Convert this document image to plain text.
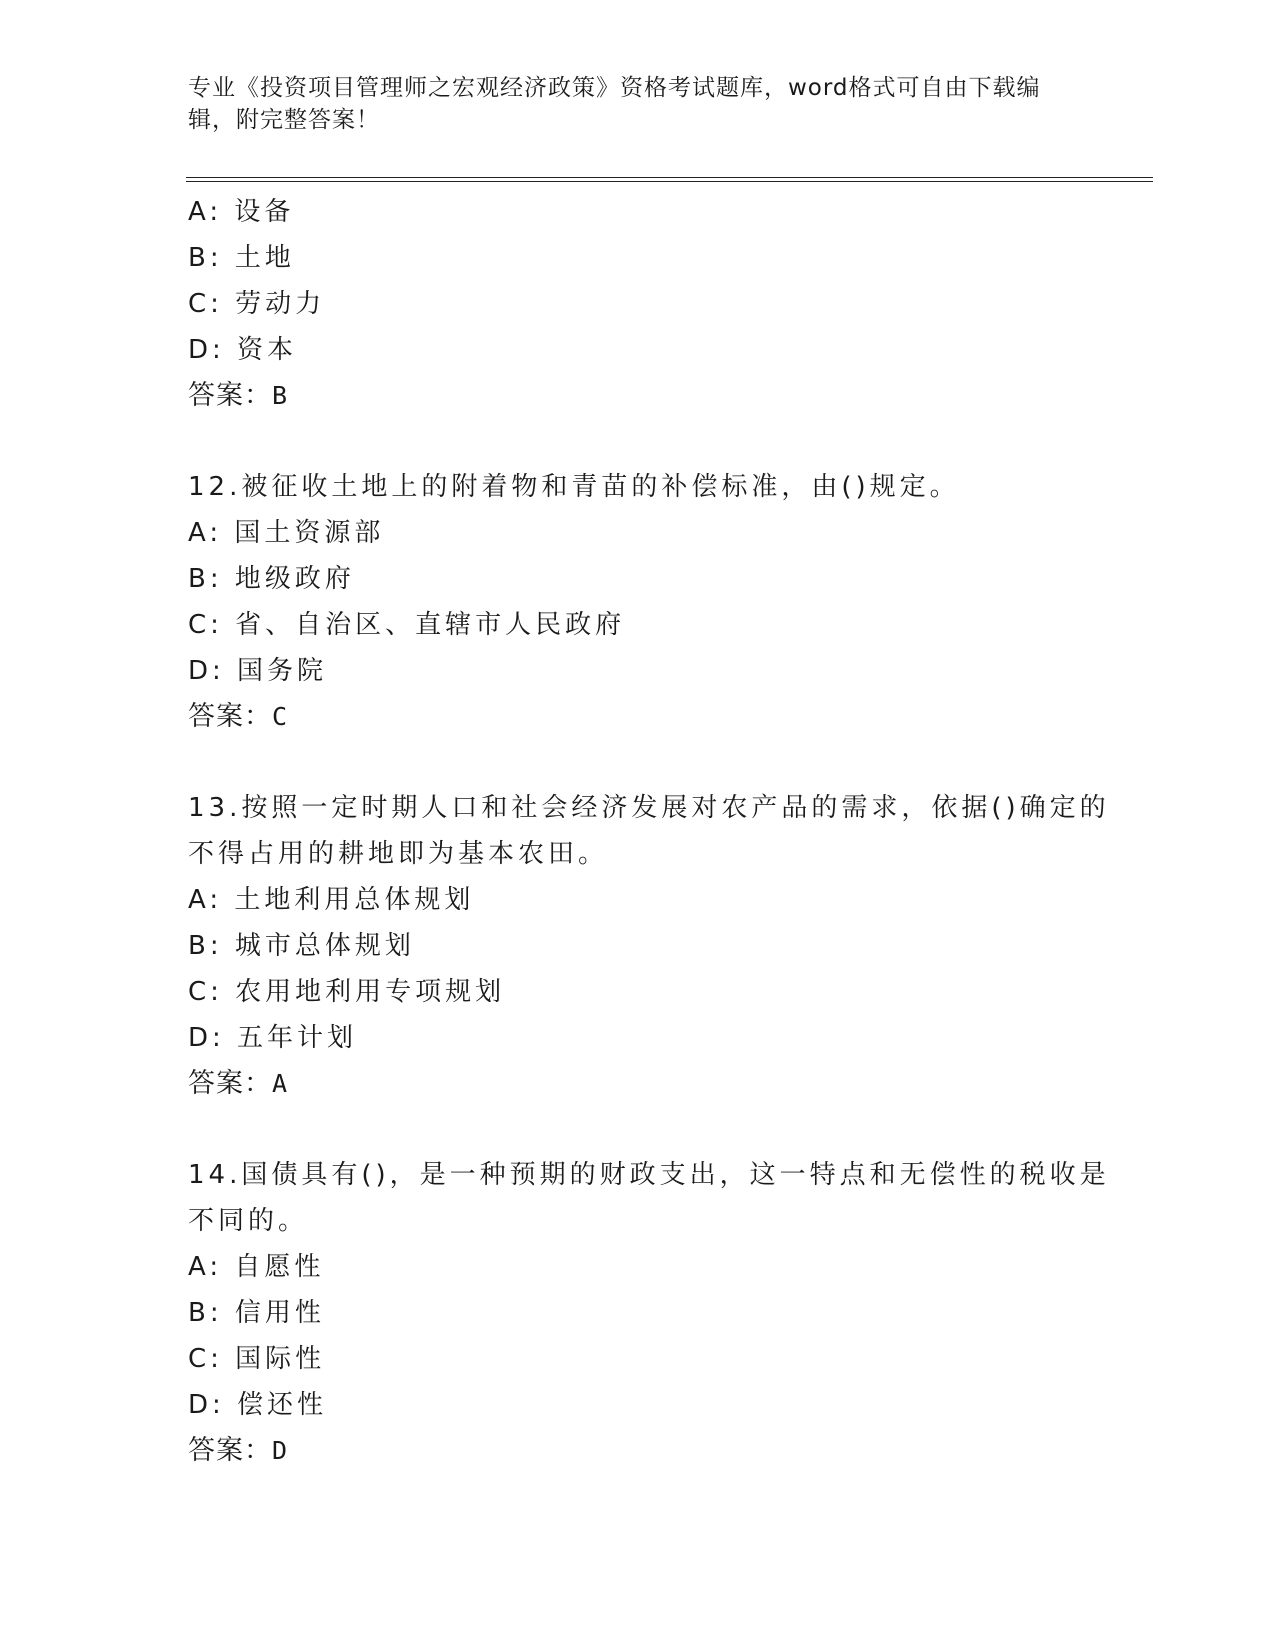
专业《投资项目管理师之宏观经济政策》资格考试题库，word格式可自由下载编辑，附完整答案！
A: 设备
B: 土地
C: 劳动力
D: 资本
答案：B
12.被征收土地上的附着物和青苗的补偿标准，由()规定。
A: 国土资源部
B: 地级政府
C: 省、自治区、直辖市人民政府
D: 国务院
答案：C
13.按照一定时期人口和社会经济发展对农产品的需求，依据()确定的
不得占用的耕地即为基本农田。
A: 土地利用总体规划
B: 城市总体规划
C: 农用地利用专项规划
D: 五年计划
答案：A
14.国债具有()，是一种预期的财政支出，这一特点和无偿性的税收是
不同的。
A: 自愿性
B: 信用性
C: 国际性
D: 偿还性
答案：D
